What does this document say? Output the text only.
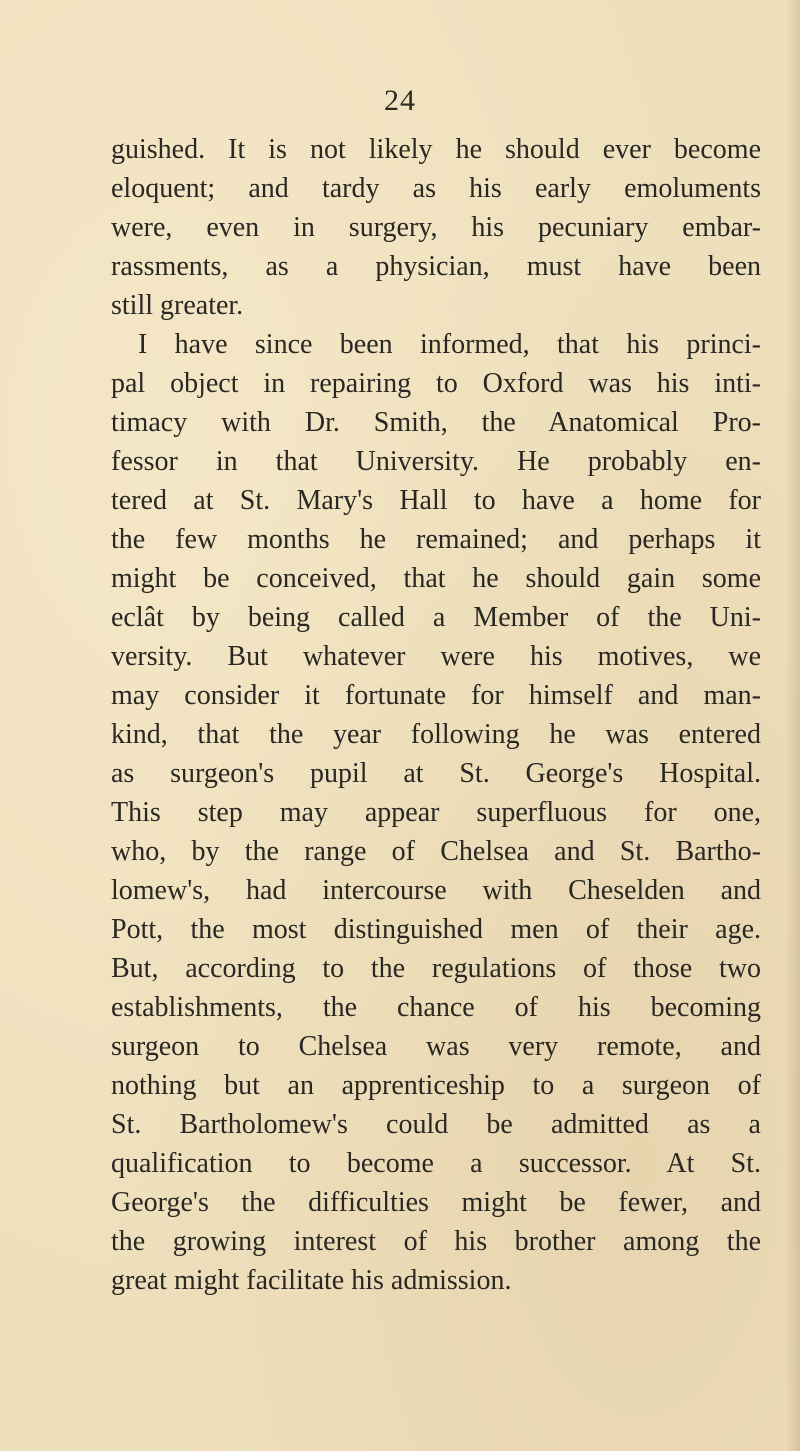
24
guished. It is not likely he should ever become
eloquent; and tardy as his early emoluments
were, even in surgery, his pecuniary embar-
rassments, as a physician, must have been
still greater.
I have since been informed, that his princi-
pal object in repairing to Oxford was his inti-
timacy with Dr. Smith, the Anatomical Pro-
fessor in that University. He probably en-
tered at St. Mary's Hall to have a home for
the few months he remained; and perhaps it
might be conceived, that he should gain some
eclât by being called a Member of the Uni-
versity. But whatever were his motives, we
may consider it fortunate for himself and man-
kind, that the year following he was entered
as surgeon's pupil at St. George's Hospital.
This step may appear superfluous for one,
who, by the range of Chelsea and St. Bartho-
lomew's, had intercourse with Cheselden and
Pott, the most distinguished men of their age.
But, according to the regulations of those two
establishments, the chance of his becoming
surgeon to Chelsea was very remote, and
nothing but an apprenticeship to a surgeon of
St. Bartholomew's could be admitted as a
qualification to become a successor. At St.
George's the difficulties might be fewer, and
the growing interest of his brother among the
great might facilitate his admission.
